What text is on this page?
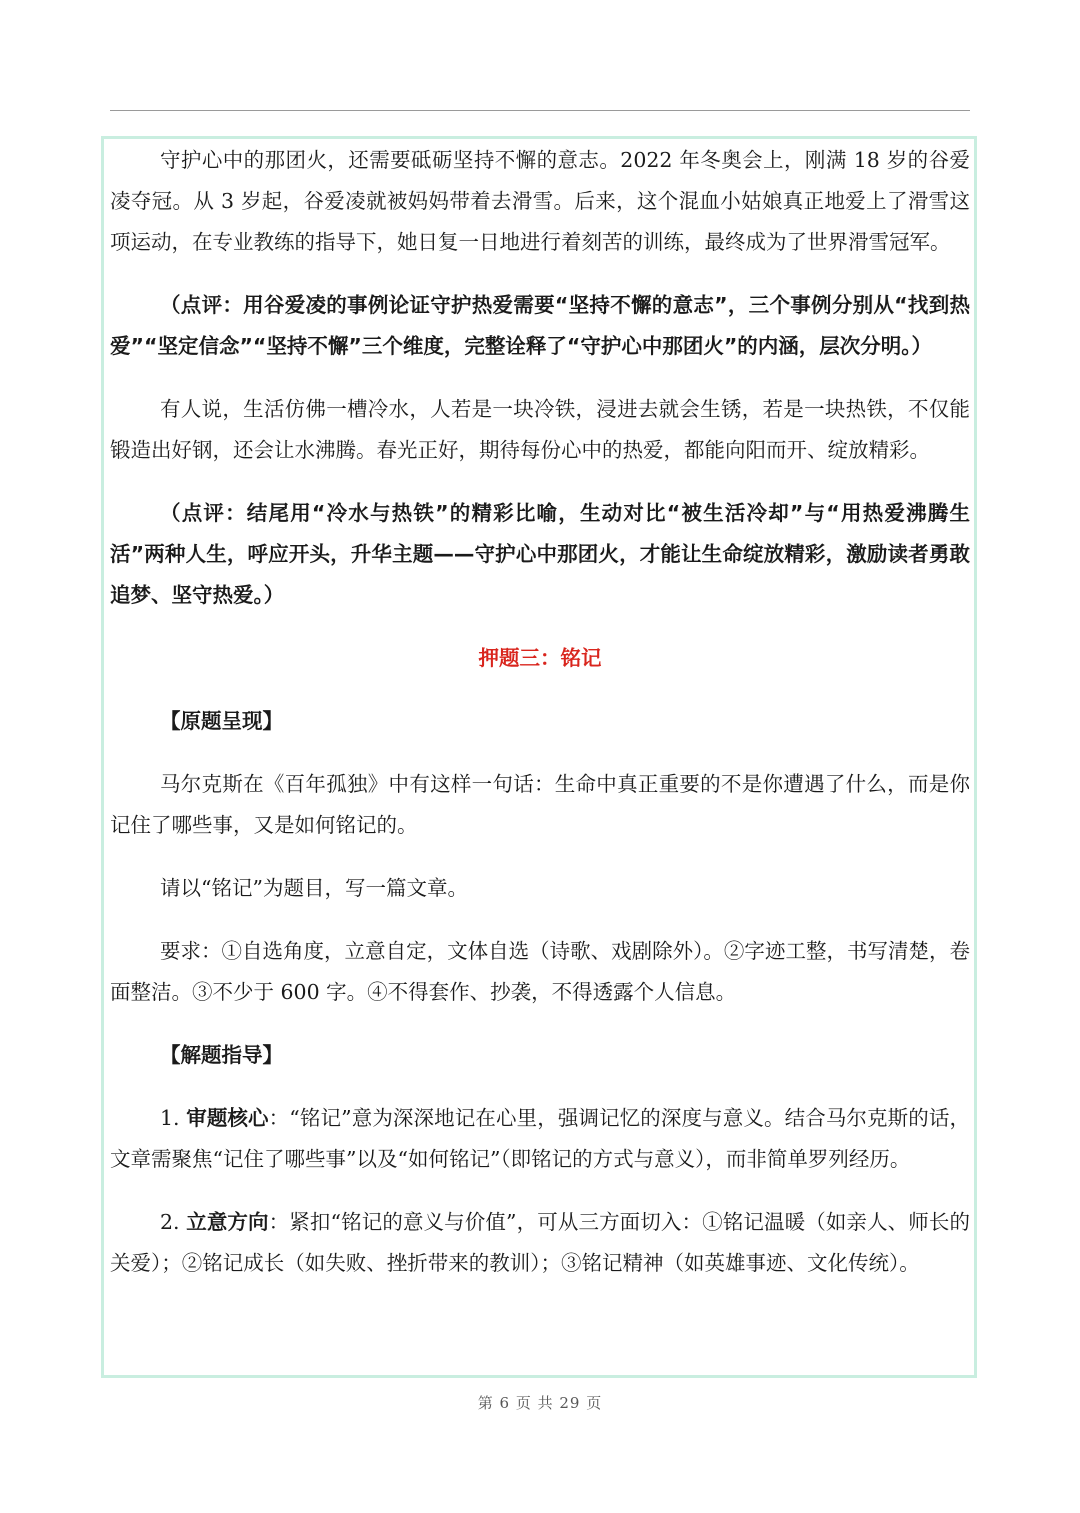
守护心中的那团火，还需要砥砺坚持不懈的意志。2022 年冬奥会上，刚满 18 岁的谷爱凌夺冠。从 3 岁起，谷爱凌就被妈妈带着去滑雪。后来，这个混血小姑娘真正地爱上了滑雪这项运动，在专业教练的指导下，她日复一日地进行着刻苦的训练，最终成为了世界滑雪冠军。

（点评：用谷爱凌的事例论证守护热爱需要“坚持不懈的意志”，三个事例分别从“找到热爱”“坚定信念”“坚持不懈”三个维度，完整诠释了“守护心中那团火”的内涵，层次分明。）

有人说，生活仿佛一槽冷水，人若是一块冷铁，浸进去就会生锈，若是一块热铁，不仅能锻造出好钢，还会让水沸腾。春光正好，期待每份心中的热爱，都能向阳而开、绽放精彩。

（点评：结尾用“冷水与热铁”的精彩比喻，生动对比“被生活冷却”与“用热爱沸腾生活”两种人生，呼应开头，升华主题——守护心中那团火，才能让生命绽放精彩，激励读者勇敢追梦、坚守热爱。）

押题三：铭记
【原题呈现】

马尔克斯在《百年孤独》中有这样一句话：生命中真正重要的不是你遭遇了什么，而是你记住了哪些事，又是如何铭记的。

请以“铭记”为题目，写一篇文章。

要求：①自选角度，立意自定，文体自选（诗歌、戏剧除外）。②字迹工整，书写清楚，卷面整洁。③不少于 600 字。④不得套作、抄袭，不得透露个人信息。

【解题指导】

1. 审题核心：“铭记”意为深深地记在心里，强调记忆的深度与意义。结合马尔克斯的话，文章需聚焦“记住了哪些事”以及“如何铭记”（即铭记的方式与意义），而非简单罗列经历。

2. 立意方向：紧扣“铭记的意义与价值”，可从三方面切入：①铭记温暖（如亲人、师长的关爱）；②铭记成长（如失败、挫折带来的教训）；③铭记精神（如英雄事迹、文化传统）。

第 6 页 共 29 页
